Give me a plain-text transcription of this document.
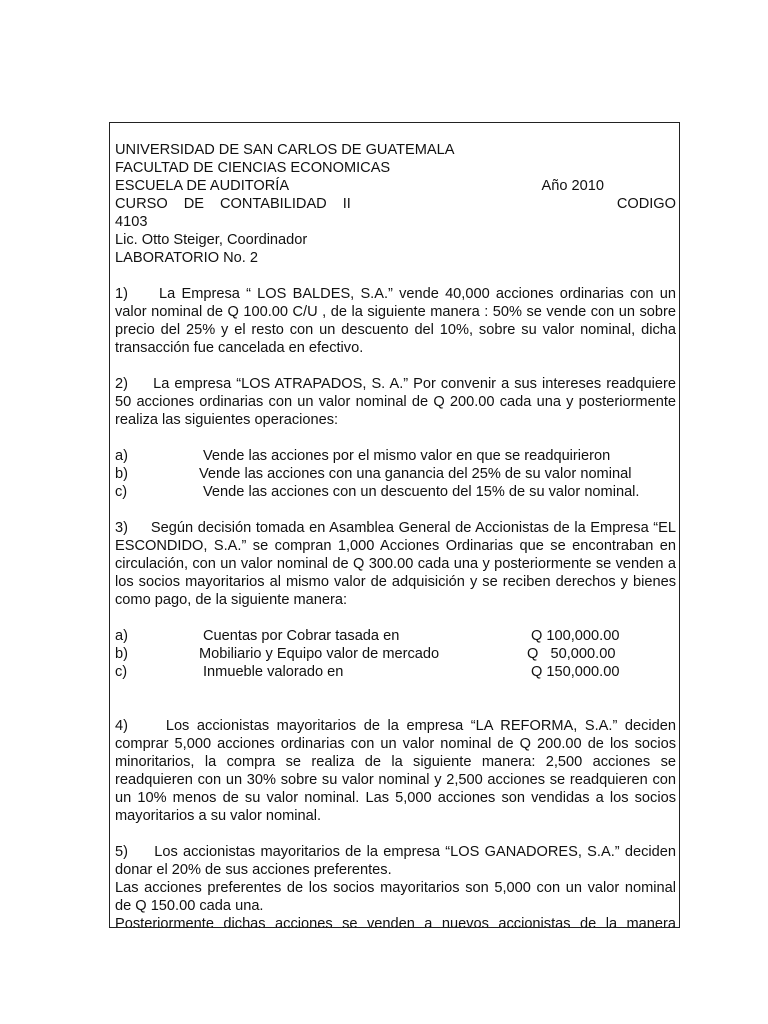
UNIVERSIDAD DE SAN CARLOS DE GUATEMALA
FACULTAD DE CIENCIAS ECONOMICAS
ESCUELA DE AUDITORÍA	Año 2010
CURSO DE CONTABILIDAD II	CODIGO
4103
Lic. Otto Steiger, Coordinador
LABORATORIO No. 2

1)     La Empresa “ LOS BALDES, S.A.” vende 40,000 acciones ordinarias con un valor nominal de Q 100.00 C/U , de la siguiente manera : 50% se vende con un sobre precio del 25% y el resto con un descuento del 10%, sobre su valor nominal, dicha transacción fue cancelada en efectivo.

2)     La empresa “LOS ATRAPADOS, S. A.” Por convenir a sus intereses readquiere 50 acciones ordinarias con un valor nominal de Q 200.00 cada una y posteriormente realiza las siguientes operaciones:

a)	Vende las acciones por el mismo valor en que se readquirieron
b)	Vende las acciones con una ganancia del 25% de su valor nominal
c)	Vende las acciones con un descuento del 15% de su valor nominal.

3)     Según decisión tomada en Asamblea General de Accionistas de la Empresa “EL ESCONDIDO, S.A.” se compran 1,000 Acciones Ordinarias que se encontraban en circulación, con un valor nominal de Q 300.00 cada una y posteriormente se venden a los socios mayoritarios al mismo valor de adquisición y se reciben derechos y bienes como pago, de la siguiente manera:

a)	Cuentas por Cobrar tasada en	Q 100,000.00
b)	Mobiliario y Equipo valor de mercado	Q   50,000.00
c)	Inmueble valorado en	Q 150,000.00

4)     Los accionistas mayoritarios de la empresa “LA REFORMA, S.A.” deciden comprar 5,000 acciones ordinarias con un valor nominal de Q 200.00 de los socios minoritarios, la compra se realiza de la siguiente manera: 2,500 acciones se readquieren con un 30% sobre su valor nominal y 2,500 acciones se readquieren con un 10% menos de su valor nominal. Las 5,000 acciones son vendidas a los socios mayoritarios a su valor nominal.

5)     Los accionistas mayoritarios de la empresa “LOS GANADORES, S.A.” deciden donar el 20% de sus acciones preferentes.

Las acciones preferentes de los socios mayoritarios son 5,000 con un valor nominal de Q 150.00 cada una.

Posteriormente dichas acciones se venden a nuevos accionistas de la manera
